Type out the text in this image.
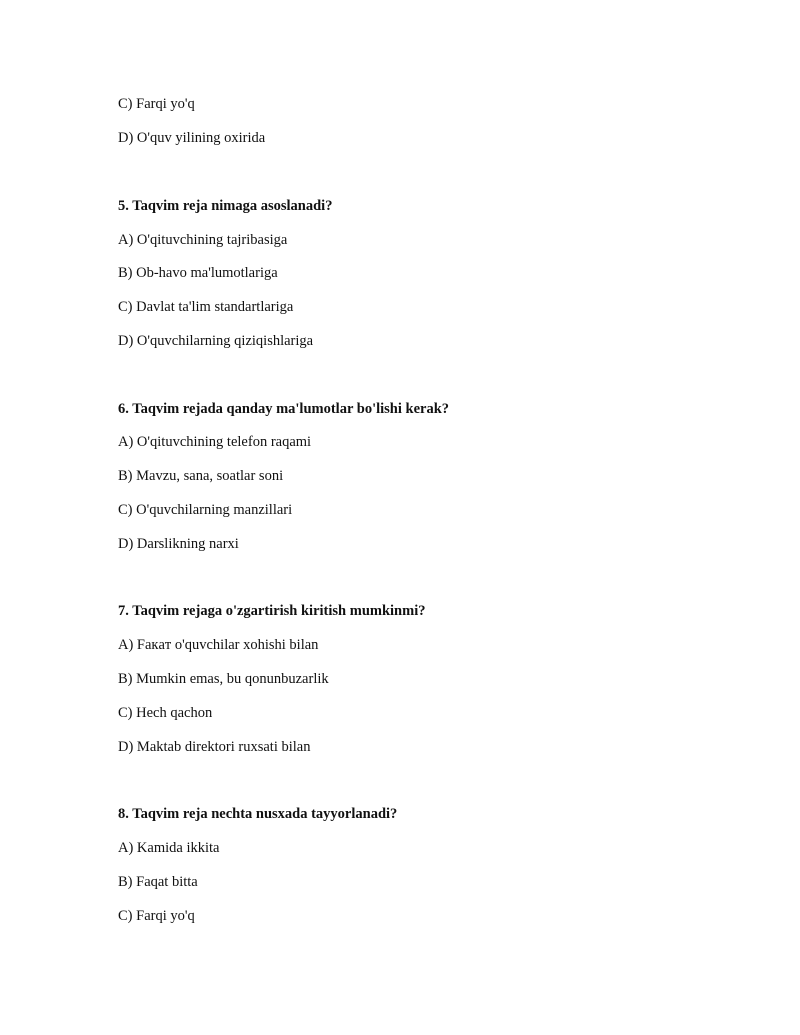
C) Farqi yo'q
D) O'quv yilining oxirida
5. Taqvim reja nimaga asoslanadi?
A) O'qituvchining tajribasiga
B) Ob-havo ma'lumotlariga
C) Davlat ta'lim standartlariga
D) O'quvchilarning qiziqishlariga
6. Taqvim rejada qanday ma'lumotlar bo'lishi kerak?
A) O'qituvchining telefon raqami
B) Mavzu, sana, soatlar soni
C) O'quvchilarning manzillari
D) Darslikning narxi
7. Taqvim rejaga o'zgartirish kiritish mumkinmi?
A) Faкaт o'quvchilar xohishi bilan
B) Mumkin emas, bu qonunbuzarlik
C) Hech qachon
D) Maktab direktori ruxsati bilan
8. Taqvim reja nechta nusxada tayyorlanadi?
A) Kamida ikkita
B) Faqat bitta
C) Farqi yo'q
